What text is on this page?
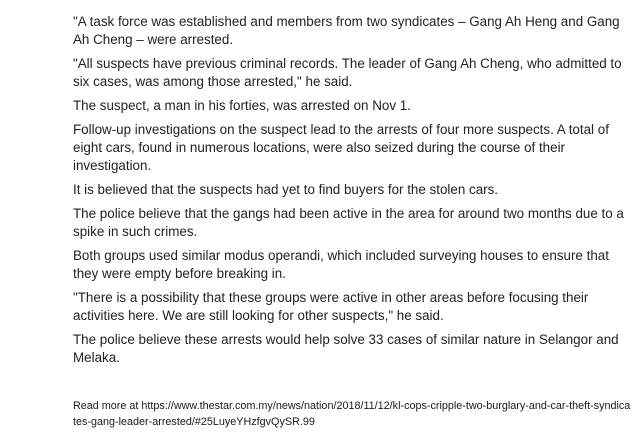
"A task force was established and members from two syndicates – Gang Ah Heng and Gang Ah Cheng – were arrested.

"All suspects have previous criminal records. The leader of Gang Ah Cheng, who admitted to six cases, was among those arrested," he said.

The suspect, a man in his forties, was arrested on Nov 1.

Follow-up investigations on the suspect lead to the arrests of four more suspects. A total of eight cars, found in numerous locations, were also seized during the course of their investigation.

It is believed that the suspects had yet to find buyers for the stolen cars.

The police believe that the gangs had been active in the area for around two months due to a spike in such crimes.

Both groups used similar modus operandi, which included surveying houses to ensure that they were empty before breaking in.

"There is a possibility that these groups were active in other areas before focusing their activities here. We are still looking for other suspects," he said.

The police believe these arrests would help solve 33 cases of similar nature in Selangor and Melaka.

Read more at https://www.thestar.com.my/news/nation/2018/11/12/kl-cops-cripple-two-burglary-and-car-theft-syndicates-gang-leader-arrested/#25LuyeYHzfgvQySR.99
